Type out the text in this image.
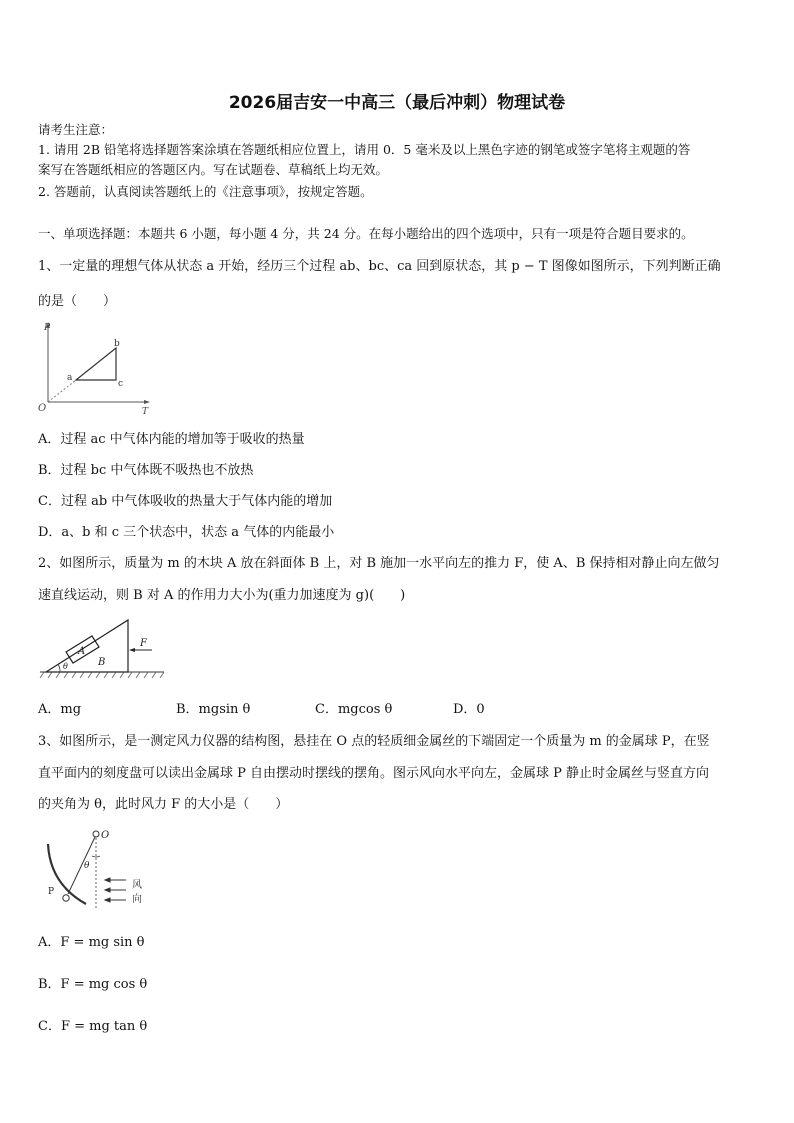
2026届吉安一中高三（最后冲刺）物理试卷
请考生注意：
1. 请用 2B 铅笔将选择题答案涂填在答题纸相应位置上，请用 0．5 毫米及以上黑色字迹的钢笔或签字笔将主观题的答
案写在答题纸相应的答题区内。写在试题卷、草稿纸上均无效。
2. 答题前，认真阅读答题纸上的《注意事项》，按规定答题。
一、单项选择题：本题共 6 小题，每小题 4 分，共 24 分。在每小题给出的四个选项中，只有一项是符合题目要求的。
1、一定量的理想气体从状态 a 开始，经历三个过程 ab、bc、ca 回到原状态，其 p − T 图像如图所示，下列判断正确
的是（　　）
P
T
O
a
b
c
A．过程 ac 中气体内能的增加等于吸收的热量
B．过程 bc 中气体既不吸热也不放热
C．过程 ab 中气体吸收的热量大于气体内能的增加
D．a、b 和 c 三个状态中，状态 a 气体的内能最小
2、如图所示，质量为 m 的木块 A 放在斜面体 B 上，对 B 施加一水平向左的推力 F，使 A、B 保持相对静止向左做匀
速直线运动，则 B 对 A 的作用力大小为(重力加速度为 g)(　　)
A
B
F
θ
A．mg	B．mgsin θ	C．mgcos θ	D．0
3、如图所示，是一测定风力仪器的结构图，悬挂在 O 点的轻质细金属丝的下端固定一个质量为 m 的金属球 P，在竖
直平面内的刻度盘可以读出金属球 P 自由摆动时摆线的摆角。图示风向水平向左，金属球 P 静止时金属丝与竖直方向
的夹角为 θ，此时风力 F 的大小是（　　）
O
P
θ
风
向
A．F = mg sin θ
B．F = mg cos θ
C．F = mg tan θ
